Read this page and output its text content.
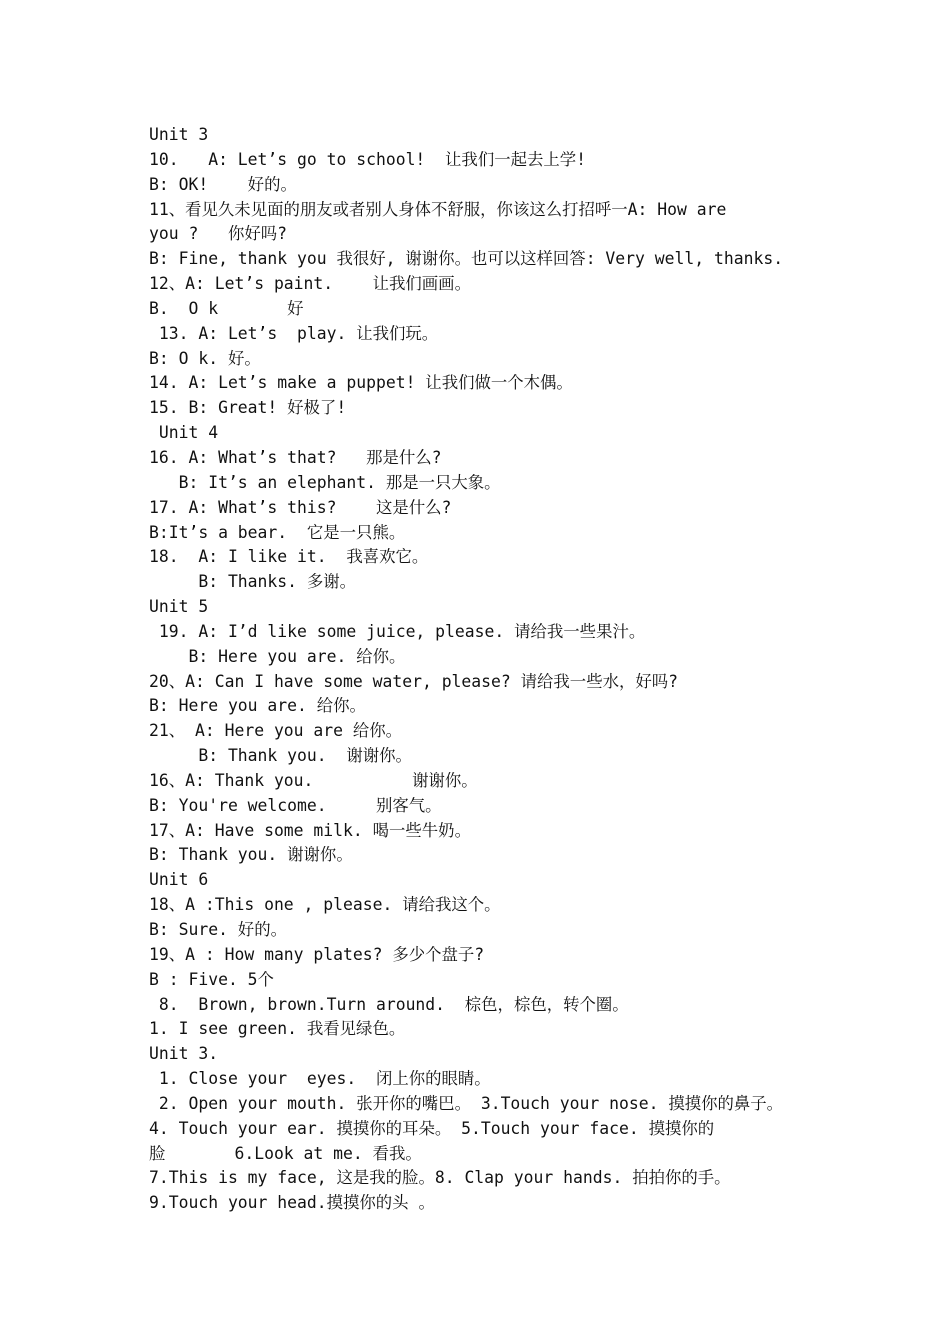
Unit 3
10.   A: Let’s go to school!  让我们一起去上学!
B: OK!    好的。
11、看见久未见面的朋友或者别人身体不舒服，你该这么打招呼一A: How are
you ?   你好吗?
B: Fine, thank you 我很好, 谢谢你。也可以这样回答: Very well, thanks.
12、A: Let’s paint.    让我们画画。
B.  O k       好
13. A: Let’s  play. 让我们玩。
B: O k. 好。
14. A: Let’s make a puppet! 让我们做一个木偶。
15. B: Great! 好极了!
Unit 4
16. A: What’s that?   那是什么?
B: It’s an elephant. 那是一只大象。
17. A: What’s this?    这是什么?
B:It’s a bear.  它是一只熊。
18.  A: I like it.  我喜欢它。
B: Thanks. 多谢。
Unit 5
19. A: I’d like some juice, please. 请给我一些果汁。
B: Here you are. 给你。
20、A: Can I have some water, please? 请给我一些水，好吗?
B: Here you are. 给你。
21、 A: Here you are 给你。
B: Thank you.  谢谢你。
16、A: Thank you.          谢谢你。
B: You're welcome.     别客气。
17、A: Have some milk. 喝一些牛奶。
B: Thank you. 谢谢你。
Unit 6
18、A :This one , please. 请给我这个。
B: Sure. 好的。
19、A : How many plates? 多少个盘子?
B : Five. 5个
8.  Brown, brown.Turn around.  棕色，棕色，转个圈。
1. I see green. 我看见绿色。
Unit 3.
1. Close your  eyes.  闭上你的眼睛。
2. Open your mouth. 张开你的嘴巴。 3.Touch your nose. 摸摸你的鼻子。
4. Touch your ear. 摸摸你的耳朵。 5.Touch your face. 摸摸你的
脸       6.Look at me. 看我。
7.This is my face, 这是我的脸。8. Clap your hands. 拍拍你的手。
9.Touch your head.摸摸你的头 。
